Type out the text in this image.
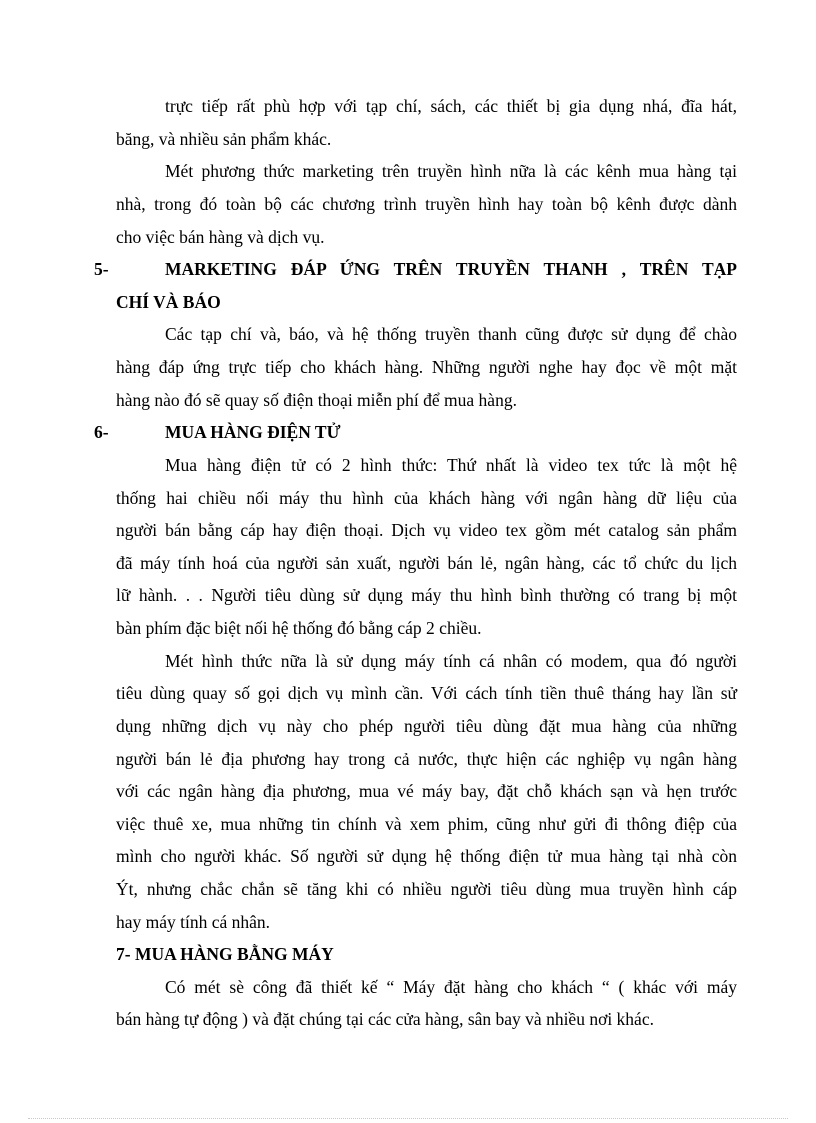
trực tiếp rất phù hợp với tạp chí, sách, các thiết bị gia dụng nhá, đĩa hát,
băng, và nhiều sản phẩm khác.
Mét phương thức marketing trên truyền hình nữa là các kênh mua hàng tại
nhà, trong đó toàn bộ các chương trình truyền hình hay toàn bộ kênh được dành
cho việc bán hàng và dịch vụ.
5-	MARKETING ĐÁP ỨNG TRÊN TRUYỀN THANH , TRÊN TẠP
CHÍ VÀ BÁO
Các tạp chí và, báo, và hệ thống truyền thanh cũng được sử dụng để chào
hàng đáp ứng trực tiếp cho khách hàng. Những người nghe hay đọc về một mặt
hàng nào đó sẽ quay số điện thoại miễn phí để mua hàng.
6-	MUA HÀNG ĐIỆN TỬ
Mua hàng điện tử có 2 hình thức: Thứ nhất là video tex tức là một hệ
thống hai chiều nối máy thu hình của khách hàng với ngân hàng dữ liệu của
người bán bằng cáp hay điện thoại. Dịch vụ video tex gồm mét catalog sản phẩm
đã máy tính hoá của người sản xuất, người bán lẻ, ngân hàng, các tổ chức du lịch
lữ hành. . . Người tiêu dùng sử dụng máy thu hình bình thường có trang bị một
bàn phím đặc biệt nối hệ thống đó bằng cáp 2 chiều.
Mét hình thức nữa là sử dụng máy tính cá nhân có modem, qua đó người
tiêu dùng quay số gọi dịch vụ mình cần. Với cách tính tiền thuê tháng hay lần sử
dụng những dịch vụ này cho phép người tiêu dùng đặt mua hàng của những
người bán lẻ địa phương hay trong cả nước, thực hiện các nghiệp vụ ngân hàng
với các ngân hàng địa phương, mua vé máy bay, đặt chỗ khách sạn và hẹn trước
việc thuê xe, mua những tin chính và xem phim, cũng như gửi đi thông điệp của
mình cho người khác. Số người sử dụng hệ thống điện tử mua hàng tại nhà còn
Ýt, nhưng chắc chắn sẽ tăng khi có nhiều người tiêu dùng mua truyền hình cáp
hay máy tính cá nhân.
7- MUA HÀNG BẰNG MÁY
Có mét sè công đã thiết kế “ Máy đặt hàng cho khách “ ( khác với máy
bán hàng tự động ) và đặt chúng tại các cửa hàng, sân bay và nhiều nơi khác.
